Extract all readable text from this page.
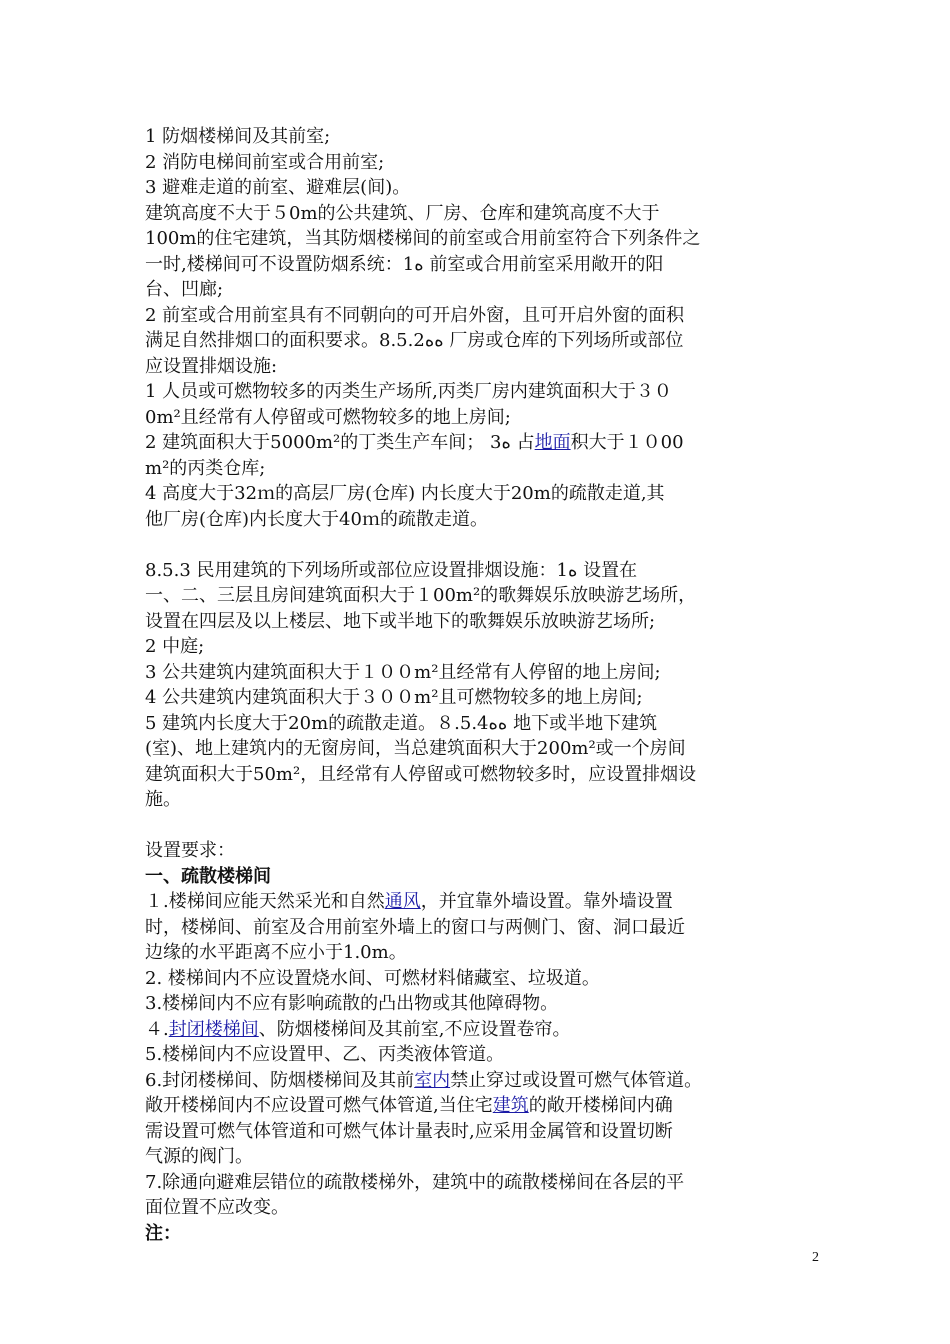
1 防烟楼梯间及其前室;
2 消防电梯间前室或合用前室;
3 避难走道的前室、避难层(间)。
建筑高度不大于５0m的公共建筑、厂房、仓库和建筑高度不大于
100m的住宅建筑，当其防烟楼梯间的前室或合用前室符合下列条件之
一时,楼梯间可不设置防烟系统：1ﻩ 前室或合用前室采用敞开的阳
台、凹廊;
2 前室或合用前室具有不同朝向的可开启外窗，且可开启外窗的面积
满足自然排烟口的面积要求。8.5.2ﻩﻩ 厂房或仓库的下列场所或部位
应设置排烟设施:
1 人员或可燃物较多的丙类生产场所,丙类厂房内建筑面积大于３０
0m²且经常有人停留或可燃物较多的地上房间;
2 建筑面积大于5000m²的丁类生产车间； 3ﻩ 占地面积大于１０00
m²的丙类仓库;
4 高度大于32ｍ的高层厂房(仓库) 内长度大于20m的疏散走道,其
他厂房(仓库)内长度大于40ｍ的疏散走道。
8.5.3 民用建筑的下列场所或部位应设置排烟设施：1ﻩ 设置在
一、二、三层且房间建筑面积大于１00m²的歌舞娱乐放映游艺场所，
设置在四层及以上楼层、地下或半地下的歌舞娱乐放映游艺场所;
2 中庭;
3 公共建筑内建筑面积大于１００m²且经常有人停留的地上房间;
4 公共建筑内建筑面积大于３００m²且可燃物较多的地上房间;
5 建筑内长度大于20m的疏散走道。８.5.4ﻩﻩ 地下或半地下建筑
(室)、地上建筑内的无窗房间，当总建筑面积大于200m²或一个房间
建筑面积大于50m²，且经常有人停留或可燃物较多时，应设置排烟设
施。
设置要求：
一、疏散楼梯间
１.楼梯间应能天然采光和自然通风，并宜靠外墙设置。靠外墙设置
时，楼梯间、前室及合用前室外墙上的窗口与两侧门、窗、洞口最近
边缘的水平距离不应小于1.0m。
2. 楼梯间内不应设置烧水间、可燃材料储藏室、垃圾道。
3.楼梯间内不应有影响疏散的凸出物或其他障碍物。
４.封闭楼梯间、防烟楼梯间及其前室,不应设置卷帘。
5.楼梯间内不应设置甲、乙、丙类液体管道。
6.封闭楼梯间、防烟楼梯间及其前室内禁止穿过或设置可燃气体管道。
敞开楼梯间内不应设置可燃气体管道,当住宅建筑的敞开楼梯间内确
需设置可燃气体管道和可燃气体计量表时,应采用金属管和设置切断
气源的阀门。
7.除通向避难层错位的疏散楼梯外，建筑中的疏散楼梯间在各层的平
面位置不应改变。
注：
2
